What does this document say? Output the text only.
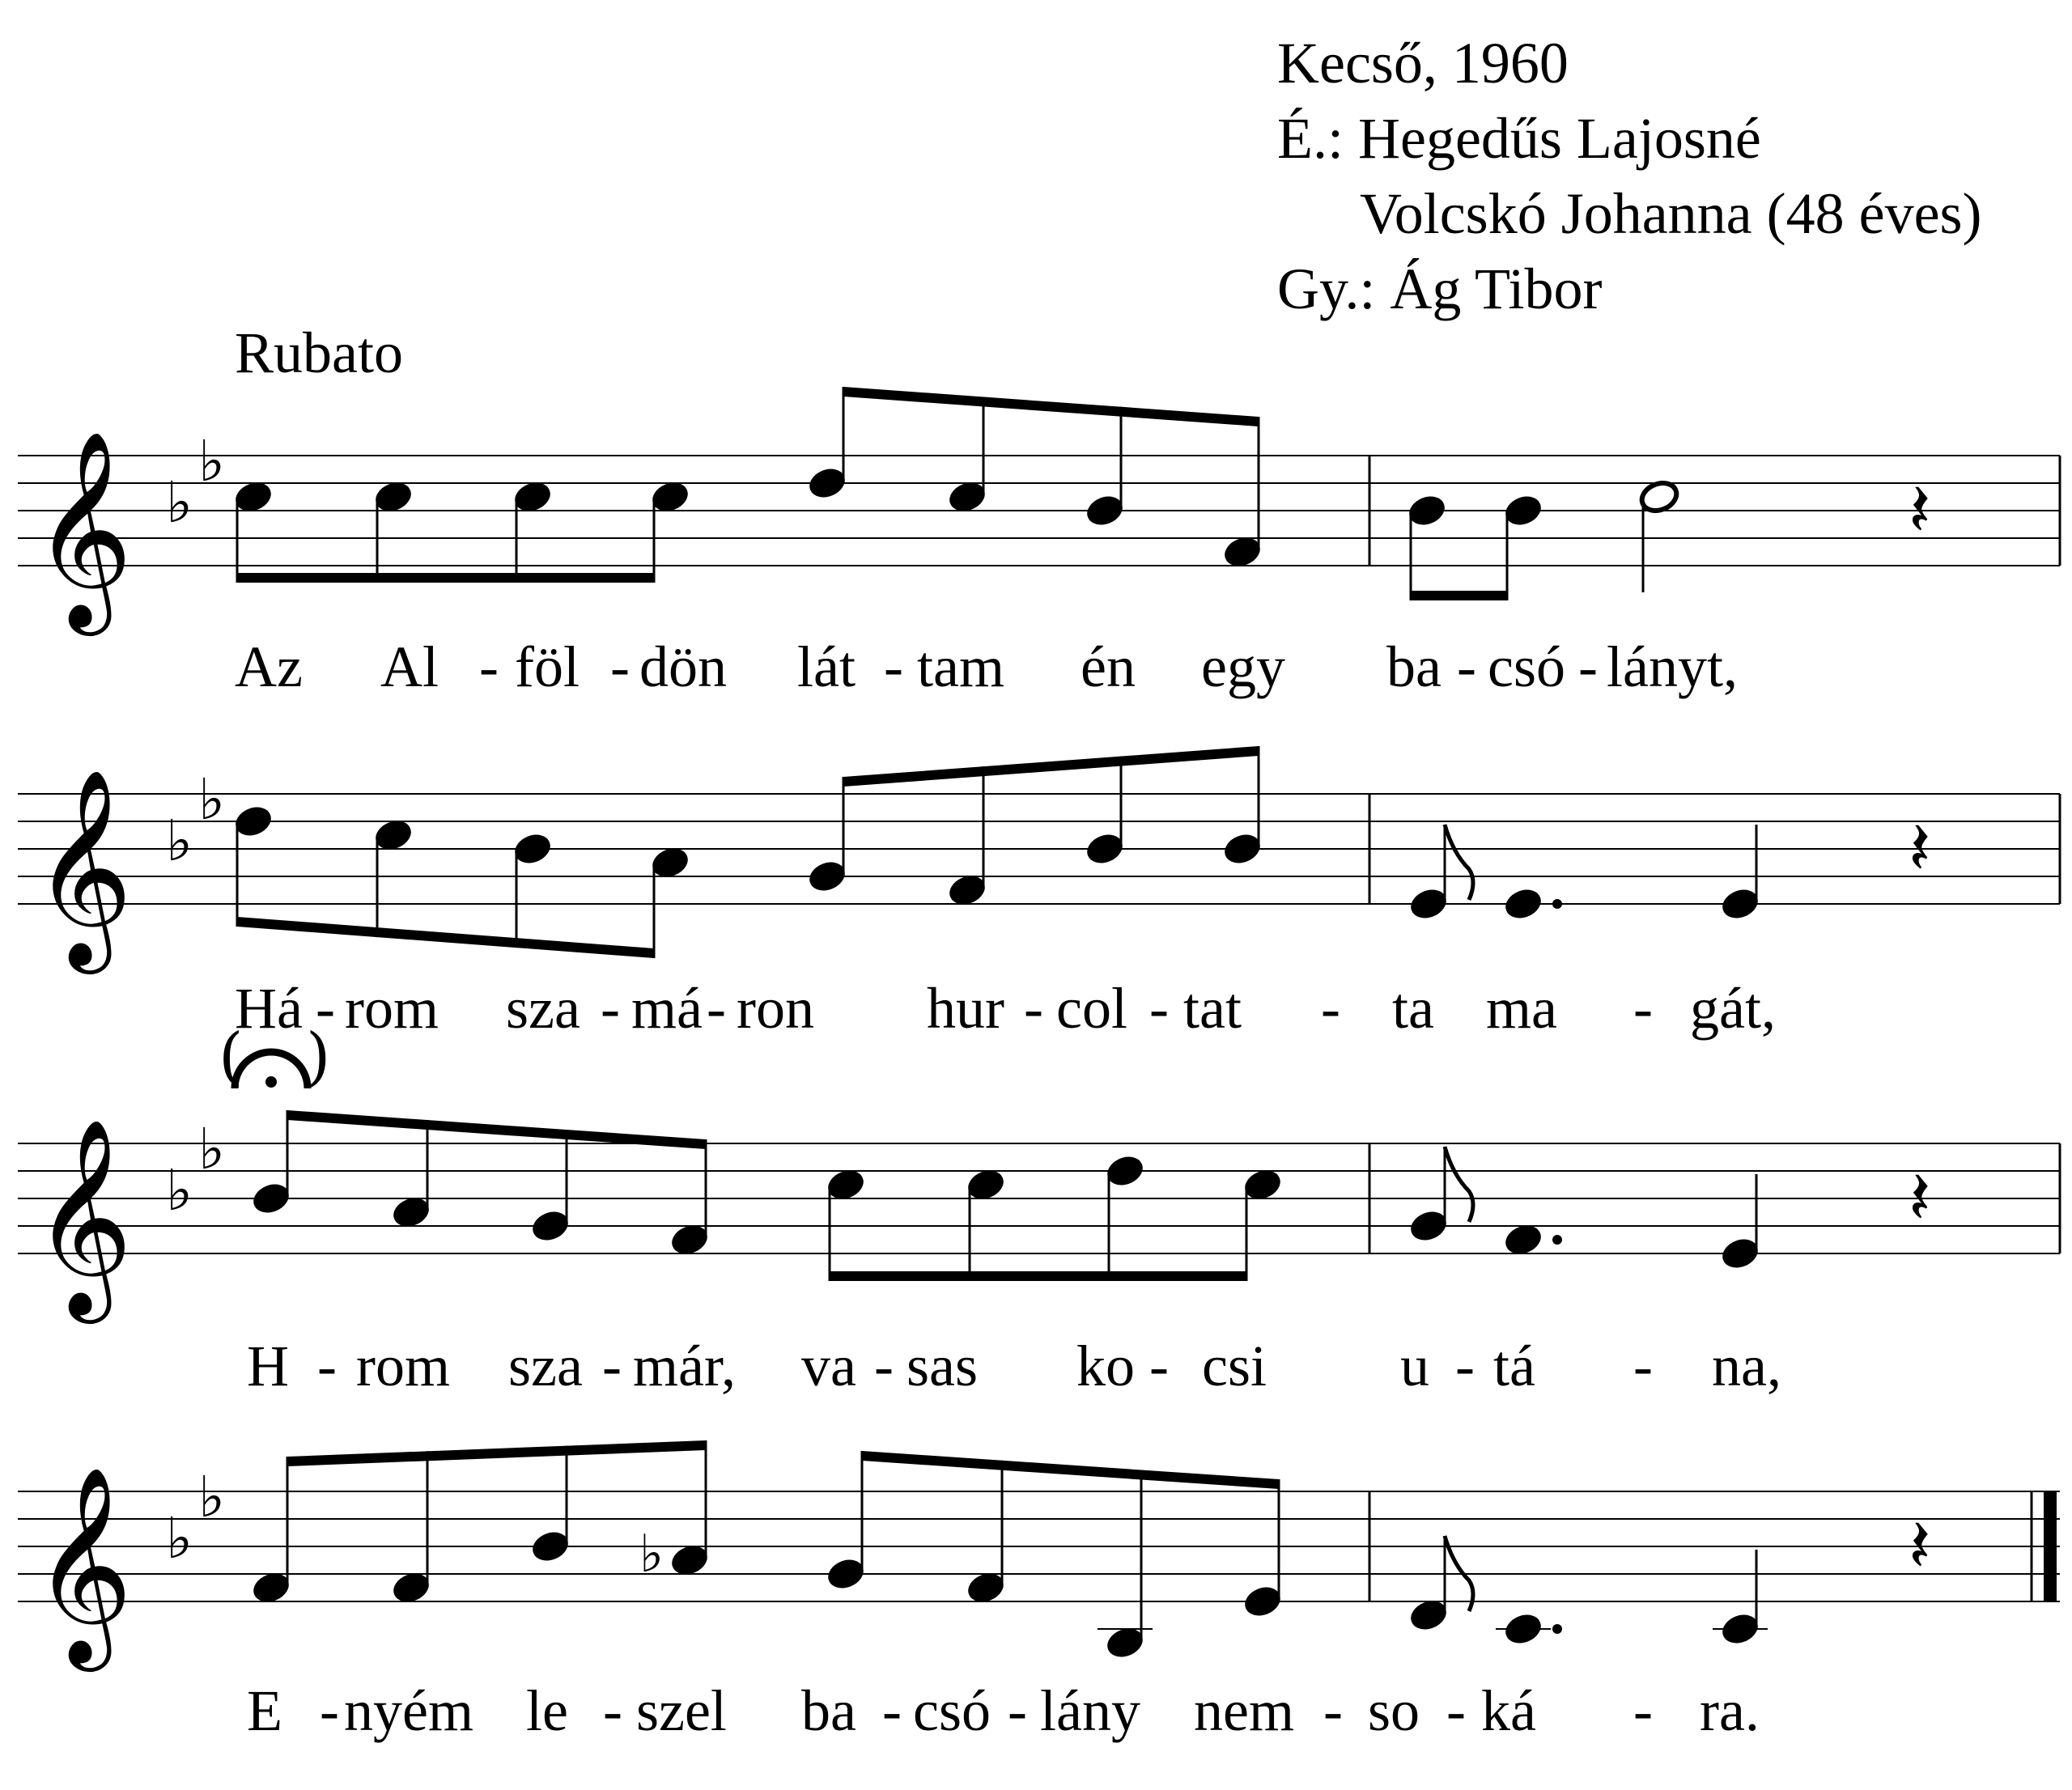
Kecső, 1960
É.: Hegedűs Lajosné
Volcskó Johanna (48 éves)
Gy.: Ág Tibor
Rubato
𝄞 ♭
♭
𝄽
Az Al - föl - dön lát - tam én egy ba - csó - lányt,
𝄞 ♭
♭
𝄽
Há - rom sza - má - ron hur - col - tat - ta ma - gát,
𝄞 ♭
♭
𝄽
( )
H - rom sza - már, va - sas ko - csi u - tá - na,
𝄞 ♭
♭
♭	𝄽
E - nyém le - szel ba - csó - lány nem - so - ká - ra.
